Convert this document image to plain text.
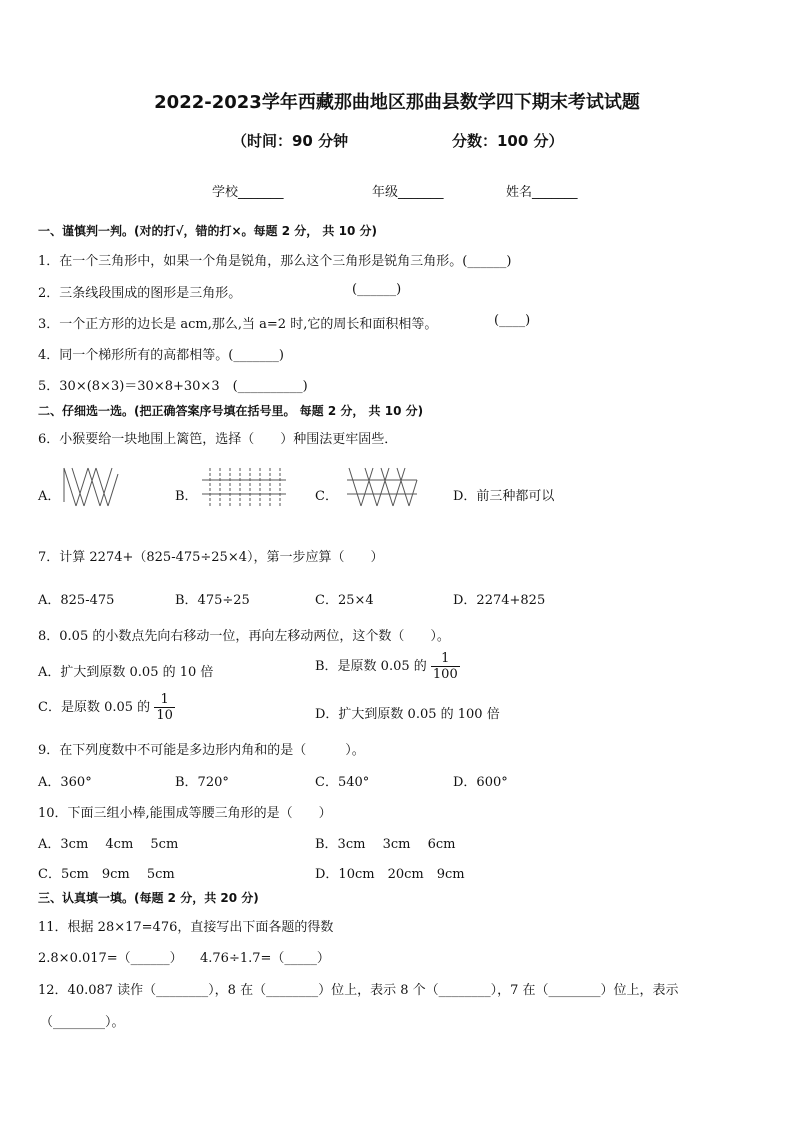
2022-2023学年西藏那曲地区那曲县数学四下期末考试试题
（时间：90 分钟	分数：100 分）
学校_______	年级_______	姓名_______
一、谨慎判一判。(对的打√，错的打×。每题 2 分， 共 10 分)
1．在一个三角形中，如果一个角是锐角，那么这个三角形是锐角三角形。(______)
2．三条线段围成的图形是三角形。	(______)
3．一个正方形的边长是 acm,那么,当 a=2 时,它的周长和面积相等。	(____)
4．同一个梯形所有的高都相等。(_______)
5．30×(8×3)＝30×8+30×3　(__________)
二、仔细选一选。(把正确答案序号填在括号里。 每题 2 分， 共 10 分)
6．小猴要给一块地围上篱笆，选择（　　）种围法更牢固些．
A．	B．	C．	D．前三种都可以
7．计算 2274+（825-475÷25×4），第一步应算（　　）
A．825-475	B．475÷25	C．25×4	D．2274+825
8．0.05 的小数点先向右移动一位，再向左移动两位，这个数（　　）。
A．扩大到原数 0.05 的 10 倍	B．是原数 0.05 的 $\frac{1}{100}$
C．是原数 0.05 的 $\frac{1}{10}$	D．扩大到原数 0.05 的 100 倍
9．在下列度数中不可能是多边形内角和的是（　　　）。
A．360°	B．720°	C．540°	D．600°
10．下面三组小棒,能围成等腰三角形的是（　　）
A．3cm　 4cm　 5cm	B．3cm　 3cm　 6cm
C．5cm　9cm　 5cm	D．10cm　20cm　9cm
三、认真填一填。(每题 2 分，共 20 分)
11．根据 28×17=476，直接写出下面各题的得数
2.8×0.017=（______） 4.76÷1.7=（_____）
12．40.087 读作（________），8 在（________）位上，表示 8 个（________），7 在（________）位上，表示
（________）。
